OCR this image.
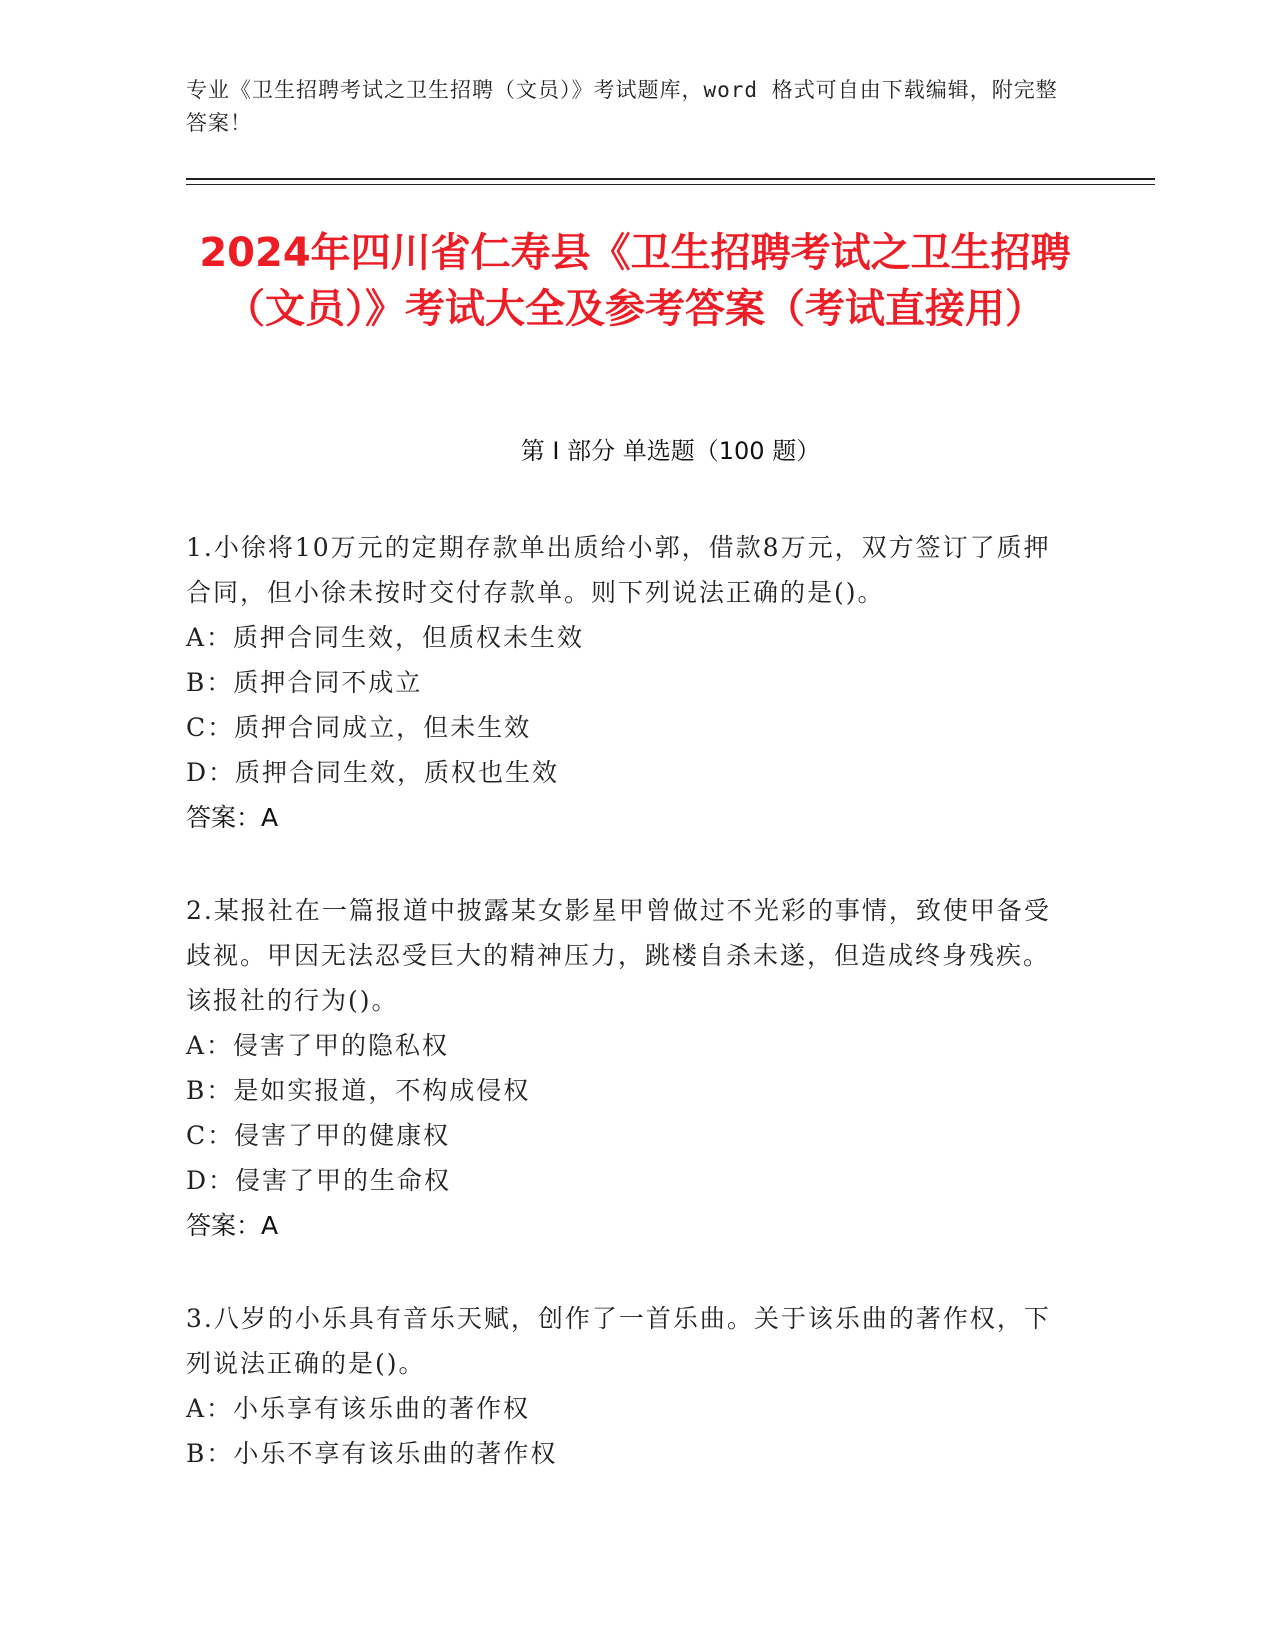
专业《卫生招聘考试之卫生招聘（文员）》考试题库，word 格式可自由下载编辑，附完整答案！
2024年四川省仁寿县《卫生招聘考试之卫生招聘（文员）》考试大全及参考答案（考试直接用）
第 I 部分 单选题（100 题）
1.小徐将10万元的定期存款单出质给小郭，借款8万元，双方签订了质押合同，但小徐未按时交付存款单。则下列说法正确的是()。
A：质押合同生效，但质权未生效
B：质押合同不成立
C：质押合同成立，但未生效
D：质押合同生效，质权也生效
答案：A
2.某报社在一篇报道中披露某女影星甲曾做过不光彩的事情，致使甲备受歧视。甲因无法忍受巨大的精神压力，跳楼自杀未遂，但造成终身残疾。该报社的行为()。
A：侵害了甲的隐私权
B：是如实报道，不构成侵权
C：侵害了甲的健康权
D：侵害了甲的生命权
答案：A
3.八岁的小乐具有音乐天赋，创作了一首乐曲。关于该乐曲的著作权，下列说法正确的是()。
A：小乐享有该乐曲的著作权
B：小乐不享有该乐曲的著作权
